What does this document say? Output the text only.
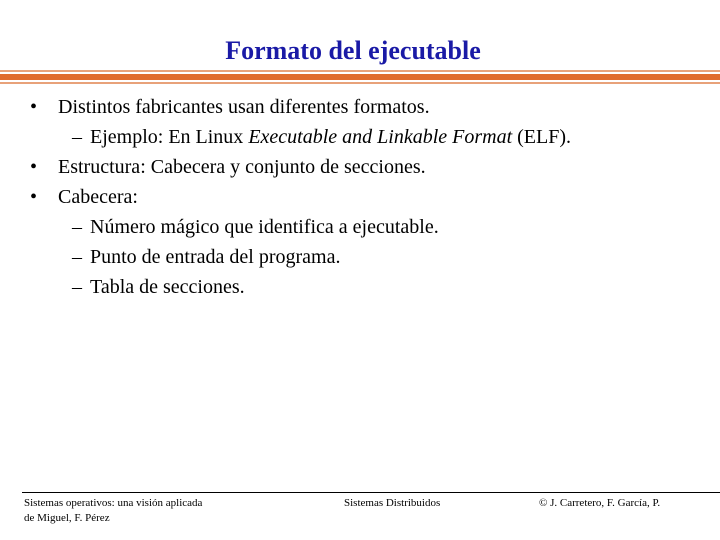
Formato del ejecutable
• Distintos fabricantes usan diferentes formatos.
– Ejemplo: En Linux Executable and Linkable Format (ELF).
• Estructura: Cabecera y conjunto de secciones.
• Cabecera:
– Número mágico que identifica a ejecutable.
– Punto de entrada del programa.
– Tabla de secciones.
Sistemas operativos: una visión aplicada
de Miguel, F. Pérez
Sistemas Distribuidos	© J. Carretero, F. García, P.
